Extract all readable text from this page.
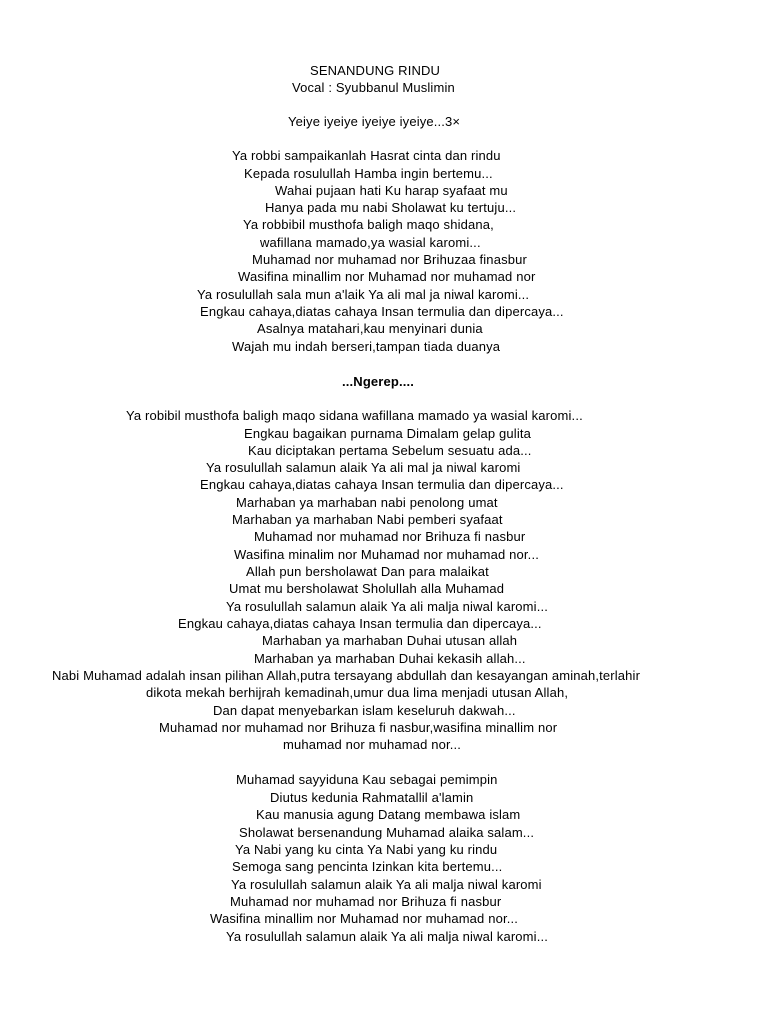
SENANDUNG RINDU
Vocal : Syubbanul Muslimin
Yeiye iyeiye iyeiye iyeiye...3×
Ya robbi sampaikanlah Hasrat cinta dan rindu
Kepada rosulullah Hamba ingin bertemu...
Wahai pujaan hati Ku harap syafaat mu
Hanya pada mu nabi Sholawat ku tertuju...
Ya robbibil musthofa baligh maqo shidana,
wafillana mamado,ya wasial karomi...
Muhamad nor muhamad nor Brihuzaa finasbur
Wasifina minallim nor Muhamad nor muhamad nor
Ya rosulullah sala mun a'laik Ya ali mal ja niwal karomi...
Engkau cahaya,diatas cahaya Insan termulia dan dipercaya...
Asalnya matahari,kau menyinari dunia
Wajah mu indah berseri,tampan tiada duanya
...Ngerep....
Ya robibil musthofa baligh maqo sidana wafillana mamado ya wasial karomi...
Engkau bagaikan purnama Dimalam gelap gulita
Kau diciptakan pertama Sebelum sesuatu ada...
Ya rosulullah salamun alaik Ya ali mal ja niwal karomi
Engkau cahaya,diatas cahaya Insan termulia dan dipercaya...
Marhaban ya marhaban nabi penolong umat
Marhaban ya marhaban Nabi pemberi syafaat
Muhamad nor muhamad nor Brihuza fi nasbur
Wasifina minalim nor Muhamad nor muhamad nor...
Allah pun bersholawat Dan para malaikat
Umat mu bersholawat Sholullah alla Muhamad
Ya rosulullah salamun alaik Ya ali malja niwal karomi...
Engkau cahaya,diatas cahaya Insan termulia dan dipercaya...
Marhaban ya marhaban Duhai utusan allah
Marhaban ya marhaban Duhai kekasih allah...
Nabi Muhamad adalah insan pilihan Allah,putra tersayang abdullah dan kesayangan aminah,terlahir
dikota mekah berhijrah kemadinah,umur dua lima menjadi utusan Allah,
Dan dapat menyebarkan islam keseluruh dakwah...
Muhamad nor muhamad nor Brihuza fi nasbur,wasifina minallim nor
muhamad nor muhamad nor...
Muhamad sayyiduna Kau sebagai pemimpin
Diutus kedunia Rahmatallil a'lamin
Kau manusia agung Datang membawa islam
Sholawat bersenandung Muhamad alaika salam...
Ya Nabi yang ku cinta Ya Nabi yang ku rindu
Semoga sang pencinta Izinkan kita bertemu...
Ya rosulullah salamun alaik Ya ali malja niwal karomi
Muhamad nor muhamad nor Brihuza fi nasbur
Wasifina minallim nor Muhamad nor muhamad nor...
Ya rosulullah salamun alaik Ya ali malja niwal karomi...
